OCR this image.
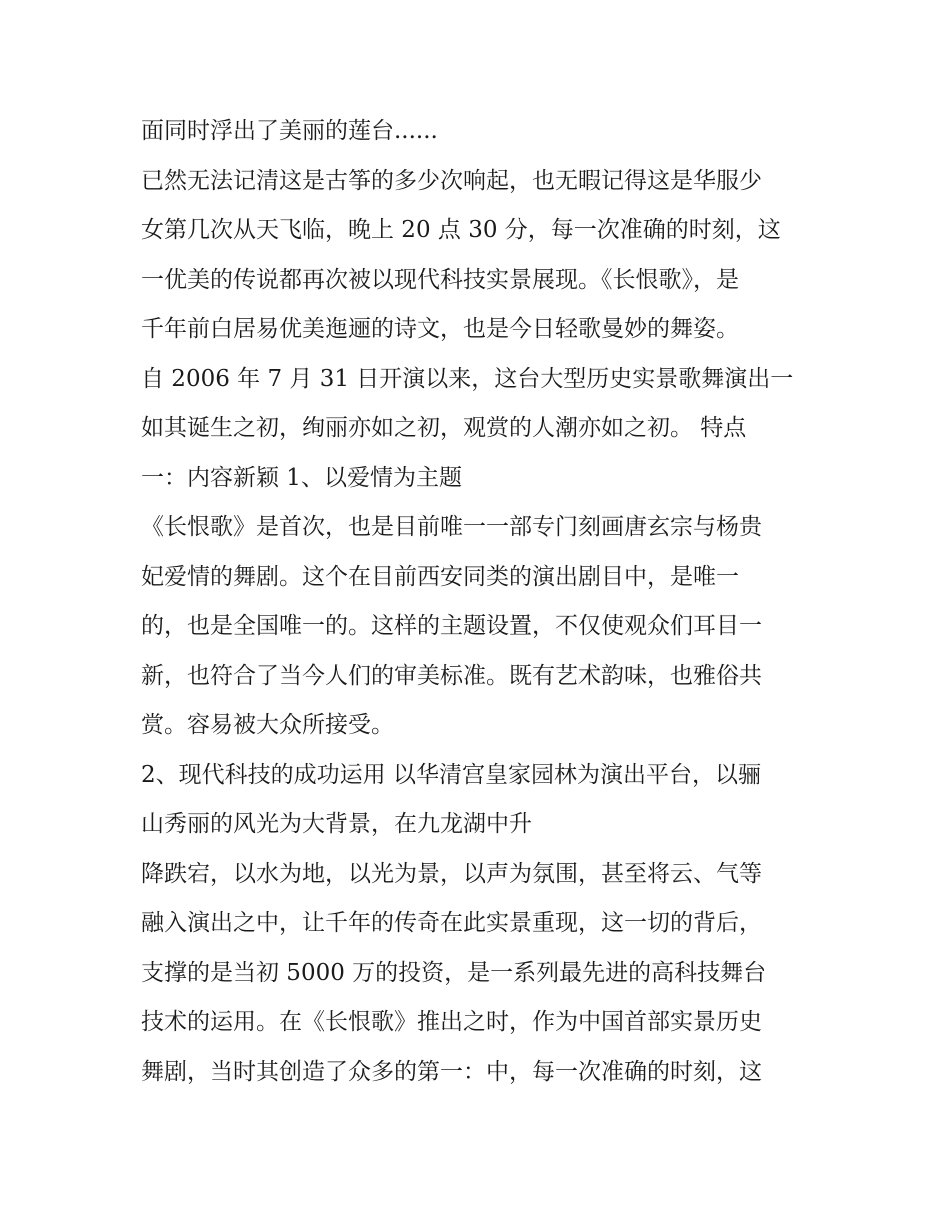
面同时浮出了美丽的莲台......
已然无法记清这是古筝的多少次响起，也无暇记得这是华服少
女第几次从天飞临，晚上 20 点 30 分，每一次准确的时刻，这
一优美的传说都再次被以现代科技实景展现。《长恨歌》，是
千年前白居易优美迤逦的诗文，也是今日轻歌曼妙的舞姿。
自 2006 年 7 月 31 日开演以来，这台大型历史实景歌舞演出一
如其诞生之初，绚丽亦如之初，观赏的人潮亦如之初。 特点
一：内容新颖 1、以爱情为主题
《长恨歌》是首次，也是目前唯一一部专门刻画唐玄宗与杨贵
妃爱情的舞剧。这个在目前西安同类的演出剧目中，是唯一
的，也是全国唯一的。这样的主题设置，不仅使观众们耳目一
新，也符合了当今人们的审美标准。既有艺术韵味，也雅俗共
赏。容易被大众所接受。
2、现代科技的成功运用 以华清宫皇家园林为演出平台，以骊
山秀丽的风光为大背景，在九龙湖中升
降跌宕，以水为地，以光为景，以声为氛围，甚至将云、气等
融入演出之中，让千年的传奇在此实景重现，这一切的背后，
支撑的是当初 5000 万的投资，是一系列最先进的高科技舞台
技术的运用。在《长恨歌》推出之时，作为中国首部实景历史
舞剧，当时其创造了众多的第一：中，每一次准确的时刻，这
